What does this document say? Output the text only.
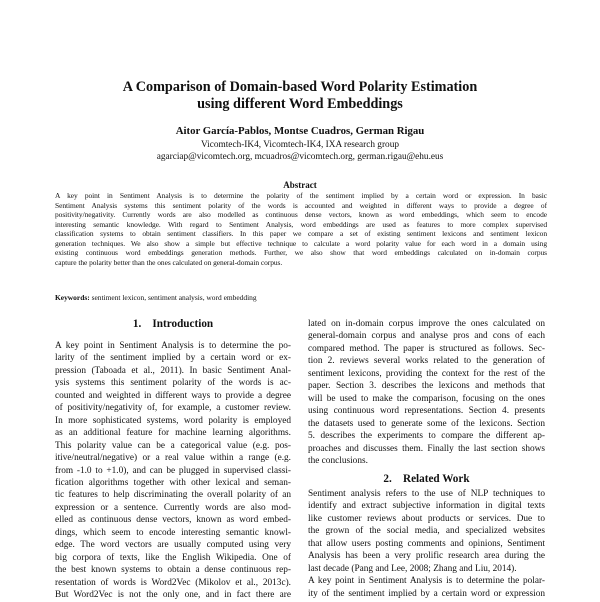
A Comparison of Domain-based Word Polarity Estimation
using different Word Embeddings
Aitor García-Pablos, Montse Cuadros, German Rigau
Vicomtech-IK4, Vicomtech-IK4, IXA research group
agarciap@vicomtech.org, mcuadros@vicomtech.org, german.rigau@ehu.eus
Abstract
A key point in Sentiment Analysis is to determine the polarity of the sentiment implied by a certain word or expression. In basic
Sentiment Analysis systems this sentiment polarity of the words is accounted and weighted in different ways to provide a degree of
positivity/negativity. Currently words are also modelled as continuous dense vectors, known as word embeddings, which seem to encode
interesting semantic knowledge. With regard to Sentiment Analysis, word embeddings are used as features to more complex supervised
classification systems to obtain sentiment classifiers. In this paper we compare a set of existing sentiment lexicons and sentiment lexicon
generation techniques. We also show a simple but effective technique to calculate a word polarity value for each word in a domain using
existing continuous word embeddings generation methods. Further, we also show that word embeddings calculated on in-domain corpus
capture the polarity better than the ones calculated on general-domain corpus.
Keywords: sentiment lexicon, sentiment analysis, word embedding
1.    Introduction
A key point in Sentiment Analysis is to determine the po-
larity of the sentiment implied by a certain word or ex-
pression (Taboada et al., 2011). In basic Sentiment Anal-
ysis systems this sentiment polarity of the words is ac-
counted and weighted in different ways to provide a degree
of positivity/negativity of, for example, a customer review.
In more sophisticated systems, word polarity is employed
as an additional feature for machine learning algorithms.
This polarity value can be a categorical value (e.g. pos-
itive/neutral/negative) or a real value within a range (e.g.
from -1.0 to +1.0), and can be plugged in supervised classi-
fication algorithms together with other lexical and seman-
tic features to help discriminating the overall polarity of an
expression or a sentence. Currently words are also mod-
elled as continuous dense vectors, known as word embed-
dings, which seem to encode interesting semantic knowl-
edge. The word vectors are usually computed using very
big corpora of texts, like the English Wikipedia. One of
the best known systems to obtain a dense continuous rep-
resentation of words is Word2Vec (Mikolov et al., 2013c).
But Word2Vec is not the only one, and in fact there are
lated on in-domain corpus improve the ones calculated on
general-domain corpus and analyse pros and cons of each
compared method. The paper is structured as follows. Sec-
tion 2. reviews several works related to the generation of
sentiment lexicons, providing the context for the rest of the
paper. Section 3. describes the lexicons and methods that
will be used to make the comparison, focusing on the ones
using continuous word representations. Section 4. presents
the datasets used to generate some of the lexicons. Section
5. describes the experiments to compare the different ap-
proaches and discusses them. Finally the last section shows
the conclusions.
2.    Related Work
Sentiment analysis refers to the use of NLP techniques to
identify and extract subjective information in digital texts
like customer reviews about products or services. Due to
the grown of the social media, and specialized websites
that allow users posting comments and opinions, Sentiment
Analysis has been a very prolific research area during the
last decade (Pang and Lee, 2008; Zhang and Liu, 2014).
A key point in Sentiment Analysis is to determine the polar-
ity of the sentiment implied by a certain word or expression
